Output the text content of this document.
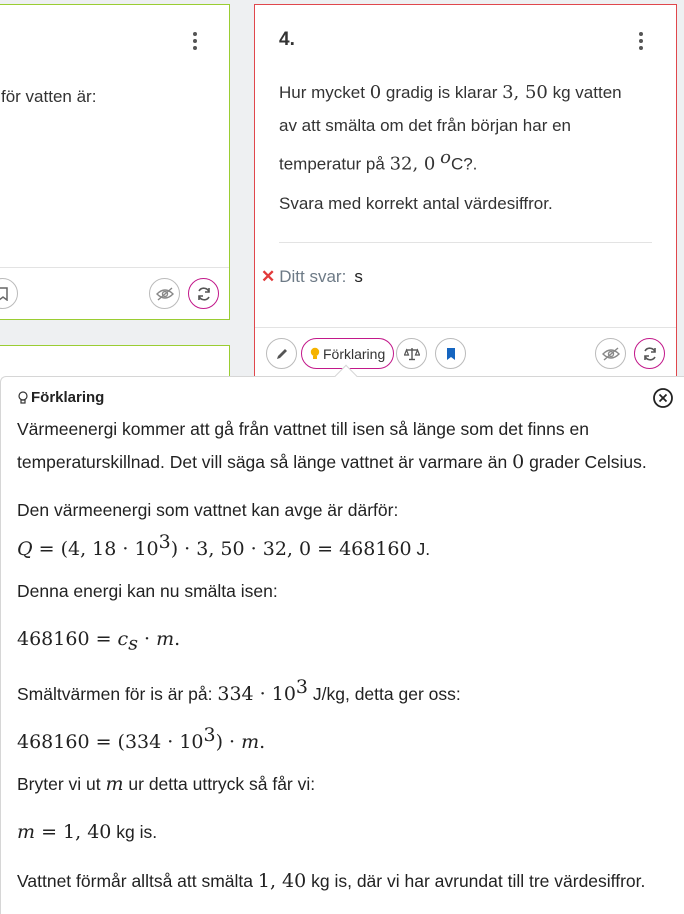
för vatten är:
4.
Hur mycket 0 gradig is klarar 3, 50 kg vatten
av att smälta om det från början har en
temperatur på 32, 0 $^o$C?.
Svara med korrekt antal värdesiffror.
✕ Ditt svar: s
Förklaring
Förklaring
Värmeenergi kommer att gå från vattnet till isen så länge som det finns en
temperaturskillnad. Det vill säga så länge vattnet är varmare än 0 grader Celsius.
Den värmeenergi som vattnet kan avge är därför:
Q = (4, $18 \cdot 10^3) \cdot 3$, 50 · 32, 0 = 468160 J.
Denna energi kan nu smälta isen:
$468160 = c_s \cdot m$.
Smältvärmen för is är på: $334 \cdot 10^3$ J/kg, detta ger oss:
$468160 = (334 \cdot 10^3) \cdot m$.
Bryter vi ut m ur detta uttryck så får vi:
m = 1, 40 kg is.
Vattnet förmår alltså att smälta 1, 40 kg is, där vi har avrundat till tre värdesiffror.
